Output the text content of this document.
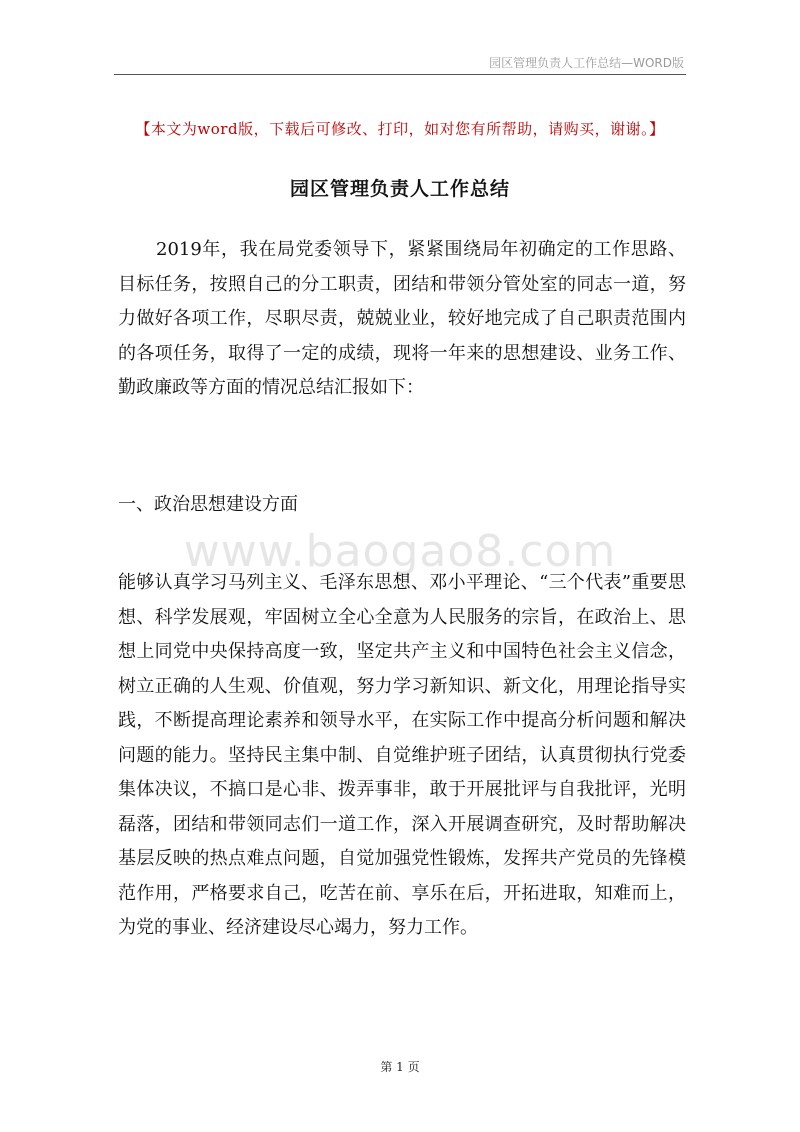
园区管理负责人工作总结—WORD版
【本文为word版，下载后可修改、打印，如对您有所帮助，请购买，谢谢。】
园区管理负责人工作总结

2019年，我在局党委领导下，紧紧围绕局年初确定的工作思路、目标任务，按照自己的分工职责，团结和带领分管处室的同志一道，努力做好各项工作，尽职尽责，兢兢业业，较好地完成了自己职责范围内的各项任务，取得了一定的成绩，现将一年来的思想建设、业务工作、勤政廉政等方面的情况总结汇报如下：

一、政治思想建设方面
www.baogao8.com

能够认真学习马列主义、毛泽东思想、邓小平理论、“三个代表”重要思想、科学发展观，牢固树立全心全意为人民服务的宗旨，在政治上、思想上同党中央保持高度一致，坚定共产主义和中国特色社会主义信念，树立正确的人生观、价值观，努力学习新知识、新文化，用理论指导实践，不断提高理论素养和领导水平，在实际工作中提高分析问题和解决问题的能力。坚持民主集中制、自觉维护班子团结，认真贯彻执行党委集体决议，不搞口是心非、拨弄事非，敢于开展批评与自我批评，光明磊落，团结和带领同志们一道工作，深入开展调查研究，及时帮助解决基层反映的热点难点问题，自觉加强党性锻炼，发挥共产党员的先锋模范作用，严格要求自己，吃苦在前、享乐在后，开拓进取，知难而上，为党的事业、经济建设尽心竭力，努力工作。

第 1 页
